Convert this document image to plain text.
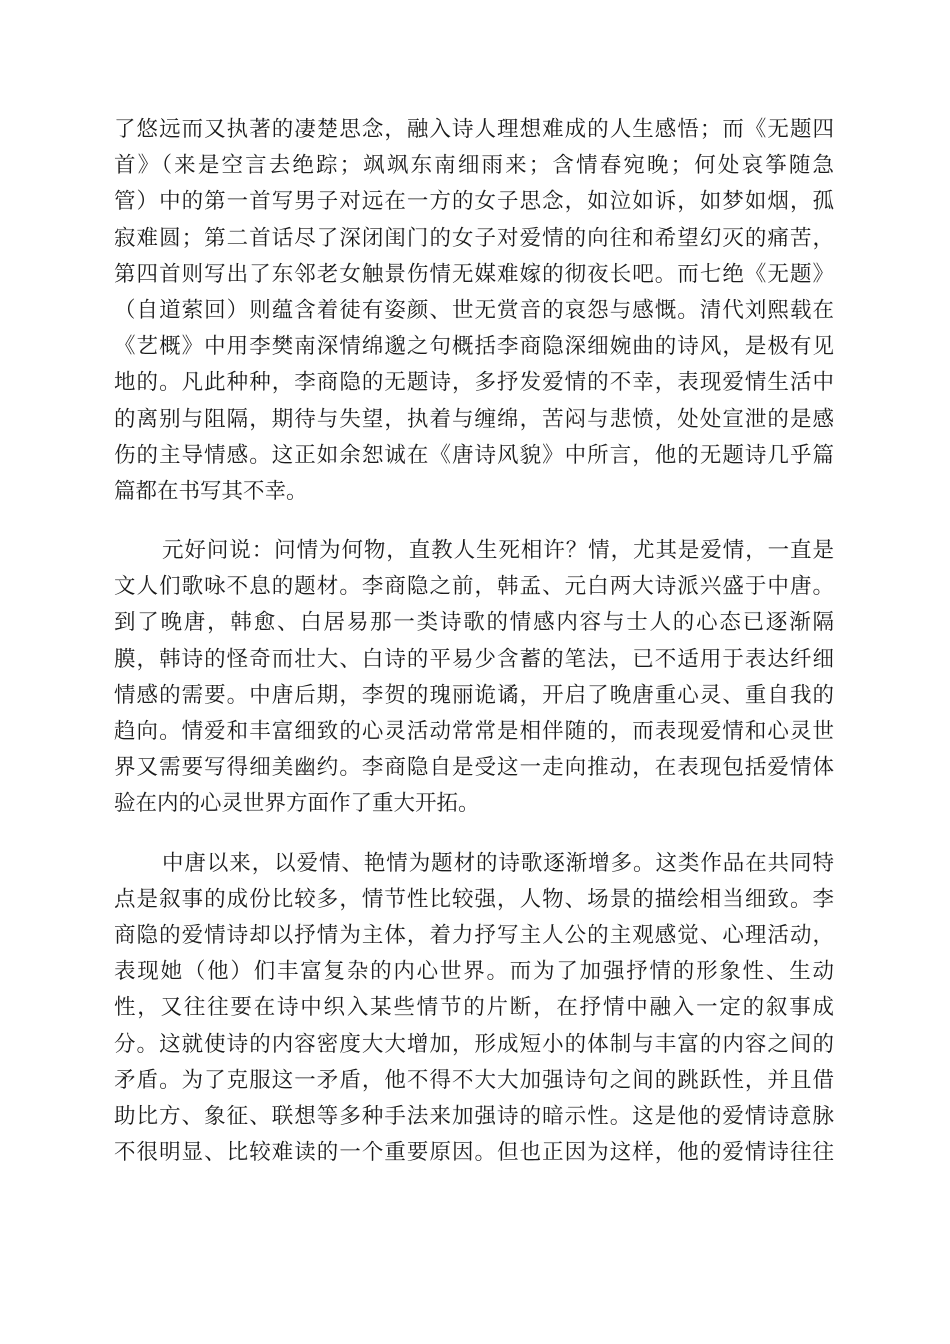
了悠远而又执著的凄楚思念，融入诗人理想难成的人生感悟；而《无题四
首》（来是空言去绝踪；飒飒东南细雨来；含情春宛晚；何处哀筝随急
管）中的第一首写男子对远在一方的女子思念，如泣如诉，如梦如烟，孤
寂难圆；第二首话尽了深闭闺门的女子对爱情的向往和希望幻灭的痛苦，
第四首则写出了东邻老女触景伤情无媒难嫁的彻夜长吧。而七绝《无题》
（自道萦回）则蕴含着徒有姿颜、世无赏音的哀怨与感慨。清代刘熙载在
《艺概》中用李樊南深情绵邈之句概括李商隐深细婉曲的诗风，是极有见
地的。凡此种种，李商隐的无题诗，多抒发爱情的不幸，表现爱情生活中
的离别与阻隔，期待与失望，执着与缠绵，苦闷与悲愤，处处宣泄的是感
伤的主导情感。这正如余恕诚在《唐诗风貌》中所言，他的无题诗几乎篇
篇都在书写其不幸。
元好问说：问情为何物，直教人生死相许？情，尤其是爱情，一直是
文人们歌咏不息的题材。李商隐之前，韩孟、元白两大诗派兴盛于中唐。
到了晚唐，韩愈、白居易那一类诗歌的情感内容与士人的心态已逐渐隔
膜，韩诗的怪奇而壮大、白诗的平易少含蓄的笔法，已不适用于表达纤细
情感的需要。中唐后期，李贺的瑰丽诡谲，开启了晚唐重心灵、重自我的
趋向。情爱和丰富细致的心灵活动常常是相伴随的，而表现爱情和心灵世
界又需要写得细美幽约。李商隐自是受这一走向推动，在表现包括爱情体
验在内的心灵世界方面作了重大开拓。
中唐以来，以爱情、艳情为题材的诗歌逐渐增多。这类作品在共同特
点是叙事的成份比较多，情节性比较强，人物、场景的描绘相当细致。李
商隐的爱情诗却以抒情为主体，着力抒写主人公的主观感觉、心理活动，
表现她（他）们丰富复杂的内心世界。而为了加强抒情的形象性、生动
性，又往往要在诗中织入某些情节的片断，在抒情中融入一定的叙事成
分。这就使诗的内容密度大大增加，形成短小的体制与丰富的内容之间的
矛盾。为了克服这一矛盾，他不得不大大加强诗句之间的跳跃性，并且借
助比方、象征、联想等多种手法来加强诗的暗示性。这是他的爱情诗意脉
不很明显、比较难读的一个重要原因。但也正因为这样，他的爱情诗往往
